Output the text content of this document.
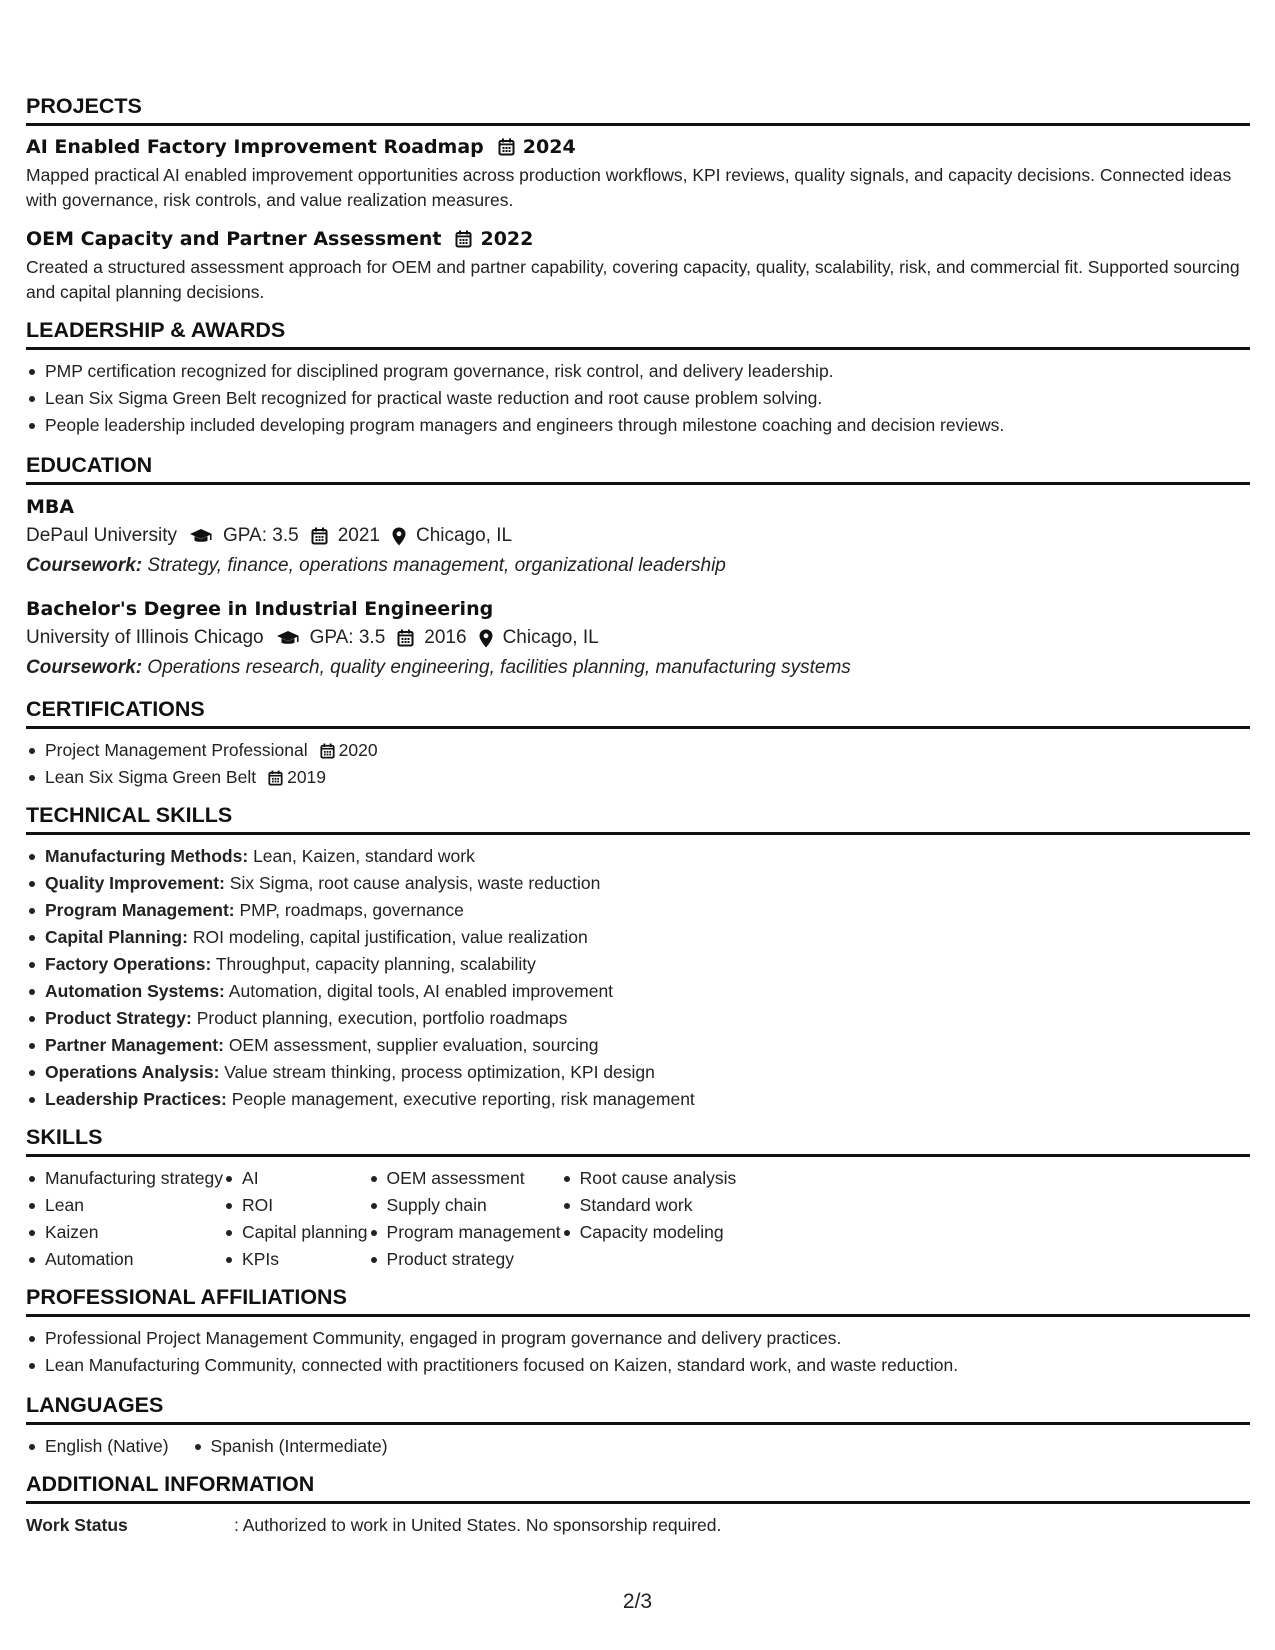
PROJECTS
AI Enabled Factory Improvement Roadmap 2024
Mapped practical AI enabled improvement opportunities across production workflows, KPI reviews, quality signals, and capacity decisions. Connected ideas with governance, risk controls, and value realization measures.
OEM Capacity and Partner Assessment 2022
Created a structured assessment approach for OEM and partner capability, covering capacity, quality, scalability, risk, and commercial fit. Supported sourcing and capital planning decisions.
LEADERSHIP & AWARDS
PMP certification recognized for disciplined program governance, risk control, and delivery leadership.
Lean Six Sigma Green Belt recognized for practical waste reduction and root cause problem solving.
People leadership included developing program managers and engineers through milestone coaching and decision reviews.
EDUCATION
MBA
DePaul University GPA: 3.5 2021 Chicago, IL
Coursework: Strategy, finance, operations management, organizational leadership
Bachelor's Degree in Industrial Engineering
University of Illinois Chicago GPA: 3.5 2016 Chicago, IL
Coursework: Operations research, quality engineering, facilities planning, manufacturing systems
CERTIFICATIONS
Project Management Professional 2020
Lean Six Sigma Green Belt 2019
TECHNICAL SKILLS
Manufacturing Methods: Lean, Kaizen, standard work
Quality Improvement: Six Sigma, root cause analysis, waste reduction
Program Management: PMP, roadmaps, governance
Capital Planning: ROI modeling, capital justification, value realization
Factory Operations: Throughput, capacity planning, scalability
Automation Systems: Automation, digital tools, AI enabled improvement
Product Strategy: Product planning, execution, portfolio roadmaps
Partner Management: OEM assessment, supplier evaluation, sourcing
Operations Analysis: Value stream thinking, process optimization, KPI design
Leadership Practices: People management, executive reporting, risk management
SKILLS
Manufacturing strategy
Lean
Kaizen
Automation
AI
ROI
Capital planning
KPIs
OEM assessment
Supply chain
Program management
Product strategy
Root cause analysis
Standard work
Capacity modeling
PROFESSIONAL AFFILIATIONS
Professional Project Management Community, engaged in program governance and delivery practices.
Lean Manufacturing Community, connected with practitioners focused on Kaizen, standard work, and waste reduction.
LANGUAGES
English (Native) Spanish (Intermediate)
ADDITIONAL INFORMATION
Work Status	: Authorized to work in United States. No sponsorship required.
2/3
